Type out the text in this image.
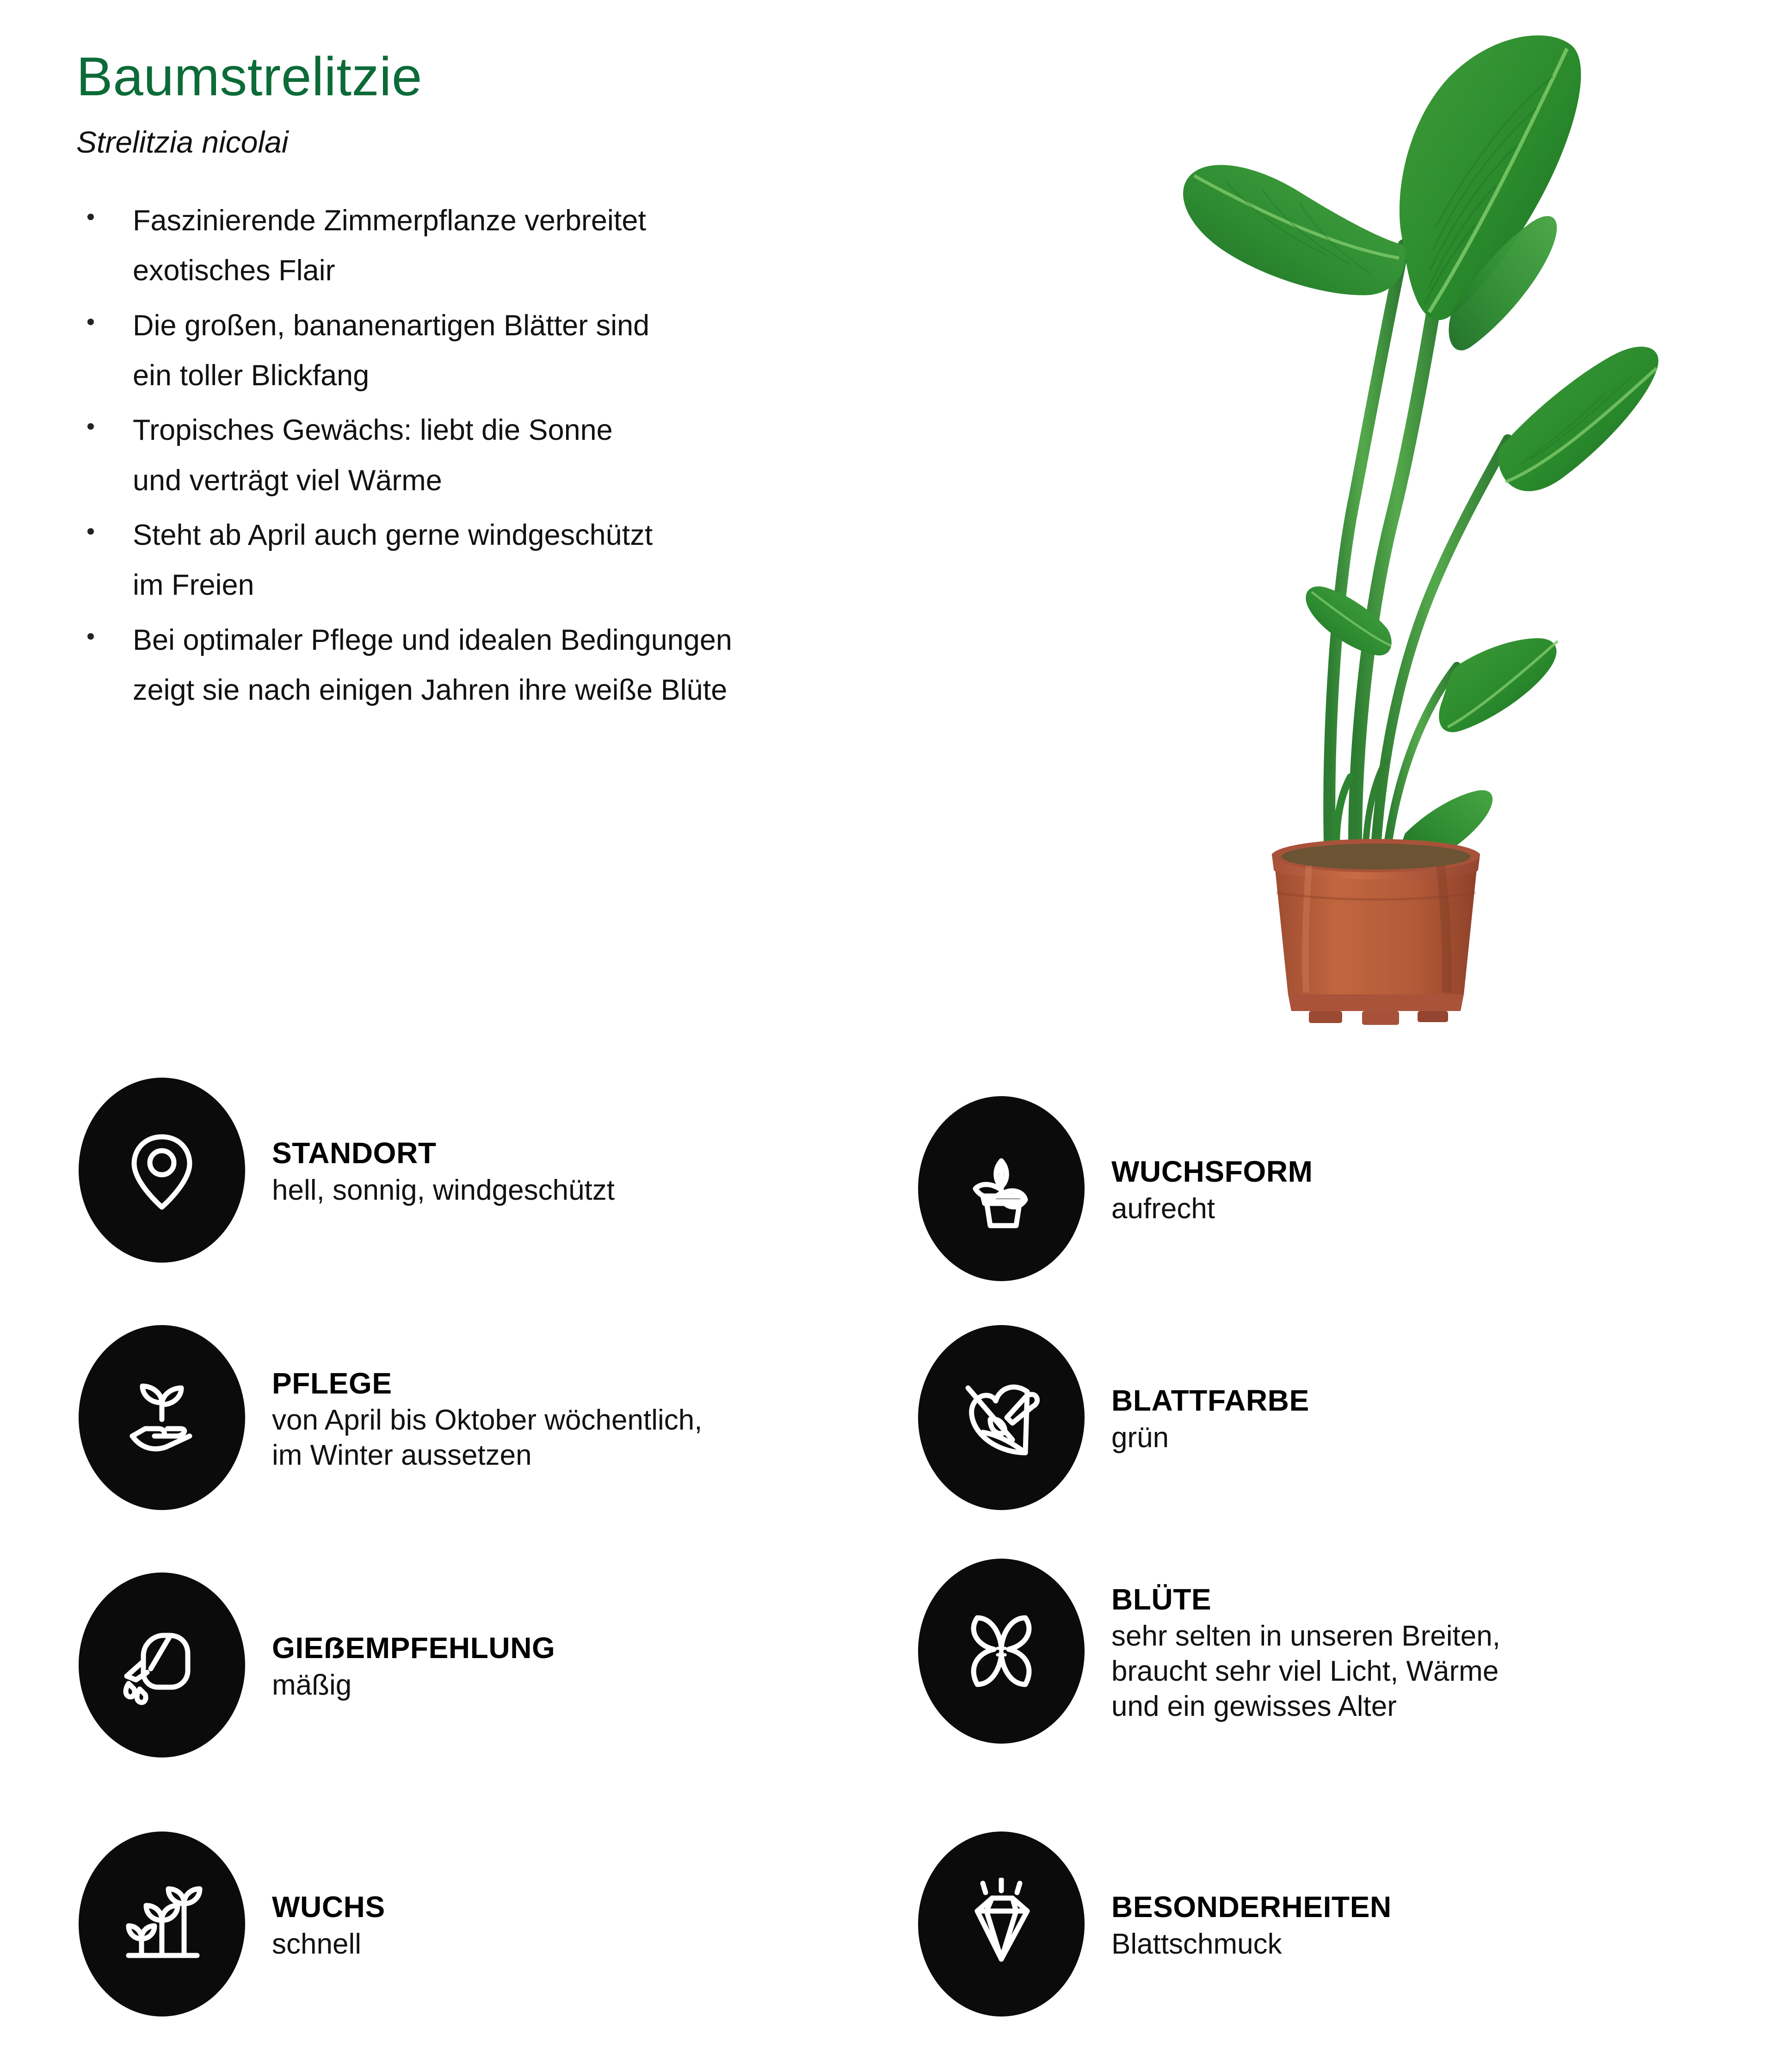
Baumstrelitzie
Strelitzia nicolai
Faszinierende Zimmerpflanze verbreitet
exotisches Flair
Die großen, bananenartigen Blätter sind
ein toller Blickfang
Tropisches Gewächs: liebt die Sonne
und verträgt viel Wärme
Steht ab April auch gerne windgeschützt
im Freien
Bei optimaler Pflege und idealen Bedingungen
zeigt sie nach einigen Jahren ihre weiße Blüte
STANDORT
hell, sonnig, windgeschützt
PFLEGE
von April bis Oktober wöchentlich,
im Winter aussetzen
GIEẞEMPFEHLUNG
mäßig
WUCHS
schnell
WUCHSFORM
aufrecht
BLATTFARBE
grün
BLÜTE
sehr selten in unseren Breiten,
braucht sehr viel Licht, Wärme
und ein gewisses Alter
BESONDERHEITEN
Blattschmuck
